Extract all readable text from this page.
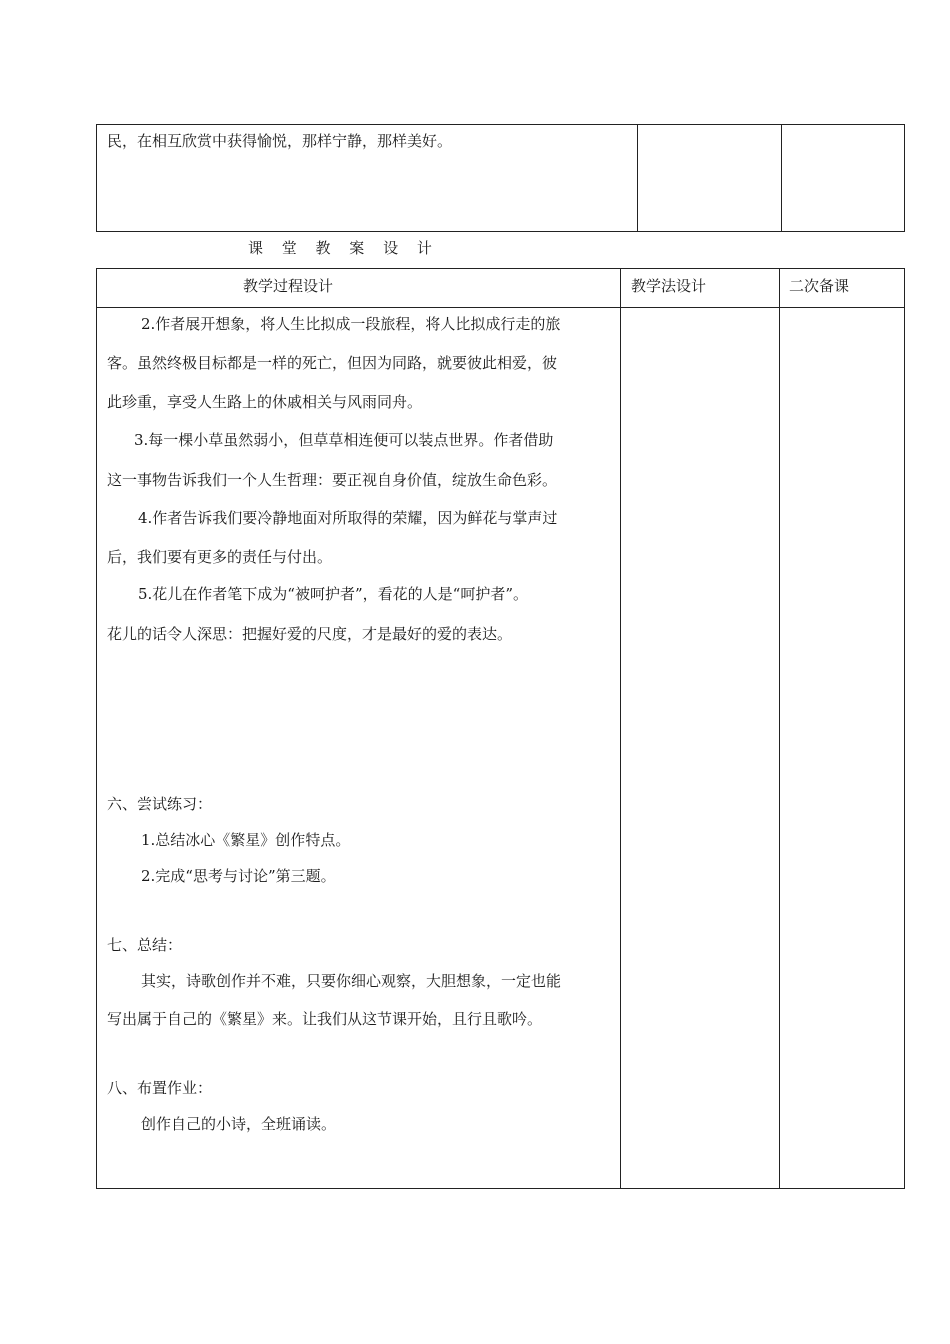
民，在相互欣赏中获得愉悦，那样宁静，那样美好。
课 堂 教 案 设 计
教学过程设计	教学法设计	二次备课
2.作者展开想象，将人生比拟成一段旅程，将人比拟成行走的旅
客。虽然终极目标都是一样的死亡，但因为同路，就要彼此相爱，彼
此珍重，享受人生路上的休戚相关与风雨同舟。
3.每一棵小草虽然弱小，但草草相连便可以装点世界。作者借助
这一事物告诉我们一个人生哲理：要正视自身价值，绽放生命色彩。
4.作者告诉我们要冷静地面对所取得的荣耀，因为鲜花与掌声过
后，我们要有更多的责任与付出。
5.花儿在作者笔下成为“被呵护者”，看花的人是“呵护者”。
花儿的话令人深思：把握好爱的尺度，才是最好的爱的表达。
六、尝试练习：
1.总结冰心《繁星》创作特点。
2.完成“思考与讨论”第三题。
七、总结：
其实，诗歌创作并不难，只要你细心观察，大胆想象，一定也能
写出属于自己的《繁星》来。让我们从这节课开始，且行且歌吟。
八、布置作业：
创作自己的小诗，全班诵读。
